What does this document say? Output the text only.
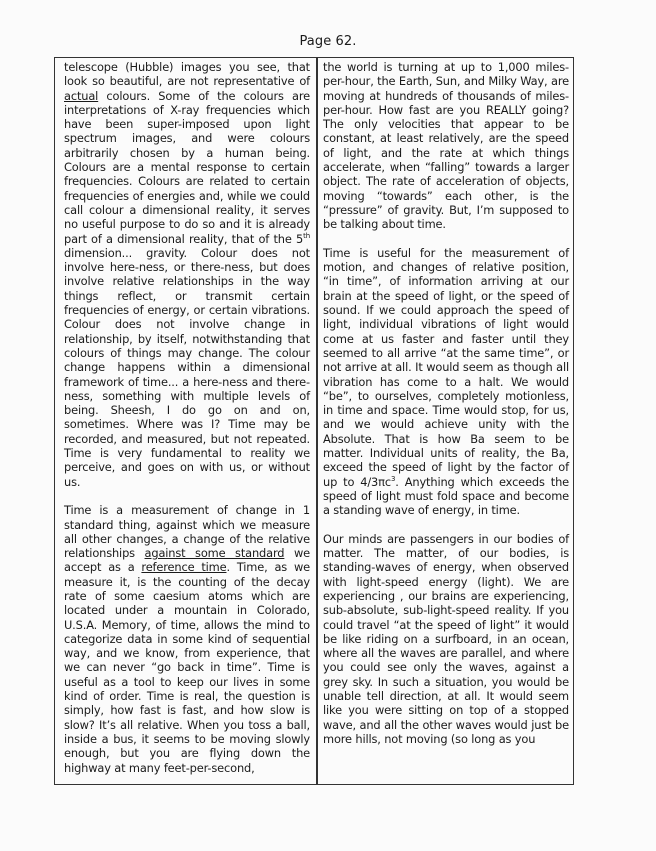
Page 62.

telescope (Hubble) images you see, that look so beautiful, are not representative of actual colours. Some of the colours are interpretations of X-ray frequencies which have been super-imposed upon light spectrum images, and were colours arbitrarily chosen by a human being. Colours are a mental response to certain frequencies. Colours are related to certain frequencies of energies and, while we could call colour a dimensional reality, it serves no useful purpose to do so and it is already part of a dimensional reality, that of the 5th dimension... gravity. Colour does not involve here-ness, or there-ness, but does involve relative relationships in the way things reflect, or transmit certain frequencies of energy, or certain vibrations. Colour does not involve change in relationship, by itself, notwithstanding that colours of things may change. The colour change happens within a dimensional framework of time... a here-ness and there-ness, something with multiple levels of being. Sheesh, I do go on and on, sometimes. Where was I? Time may be recorded, and measured, but not repeated. Time is very fundamental to reality we perceive, and goes on with us, or without us.

Time is a measurement of change in 1 standard thing, against which we measure all other changes, a change of the relative relationships against some standard we accept as a reference time. Time, as we measure it, is the counting of the decay rate of some caesium atoms which are located under a mountain in Colorado, U.S.A. Memory, of time, allows the mind to categorize data in some kind of sequential way, and we know, from experience, that we can never “go back in time”. Time is useful as a tool to keep our lives in some kind of order. Time is real, the question is simply, how fast is fast, and how slow is slow? It’s all relative. When you toss a ball, inside a bus, it seems to be moving slowly enough, but you are flying down the highway at many feet-per-second,

the world is turning at up to 1,000 miles-per-hour, the Earth, Sun, and Milky Way, are moving at hundreds of thousands of miles-per-hour. How fast are you REALLY going? The only velocities that appear to be constant, at least relatively, are the speed of light, and the rate at which things accelerate, when “falling” towards a larger object. The rate of acceleration of objects, moving “towards” each other, is the “pressure” of gravity. But, I’m supposed to be talking about time.

Time is useful for the measurement of motion, and changes of relative position, “in time”, of information arriving at our brain at the speed of light, or the speed of sound. If we could approach the speed of light, individual vibrations of light would come at us faster and faster until they seemed to all arrive “at the same time”, or not arrive at all. It would seem as though all vibration has come to a halt. We would “be”, to ourselves, completely motionless, in time and space. Time would stop, for us, and we would achieve unity with the Absolute. That is how Ba seem to be matter. Individual units of reality, the Ba, exceed the speed of light by the factor of up to $4/3\pi c^3$. Anything which exceeds the speed of light must fold space and become a standing wave of energy, in time.

Our minds are passengers in our bodies of matter. The matter, of our bodies, is standing-waves of energy, when observed with light-speed energy (light). We are experiencing , our brains are experiencing, sub-absolute, sub-light-speed reality. If you could travel “at the speed of light” it would be like riding on a surfboard, in an ocean, where all the waves are parallel, and where you could see only the waves, against a grey sky. In such a situation, you would be unable tell direction, at all. It would seem like you were sitting on top of a stopped wave, and all the other waves would just be more hills, not moving (so long as you
